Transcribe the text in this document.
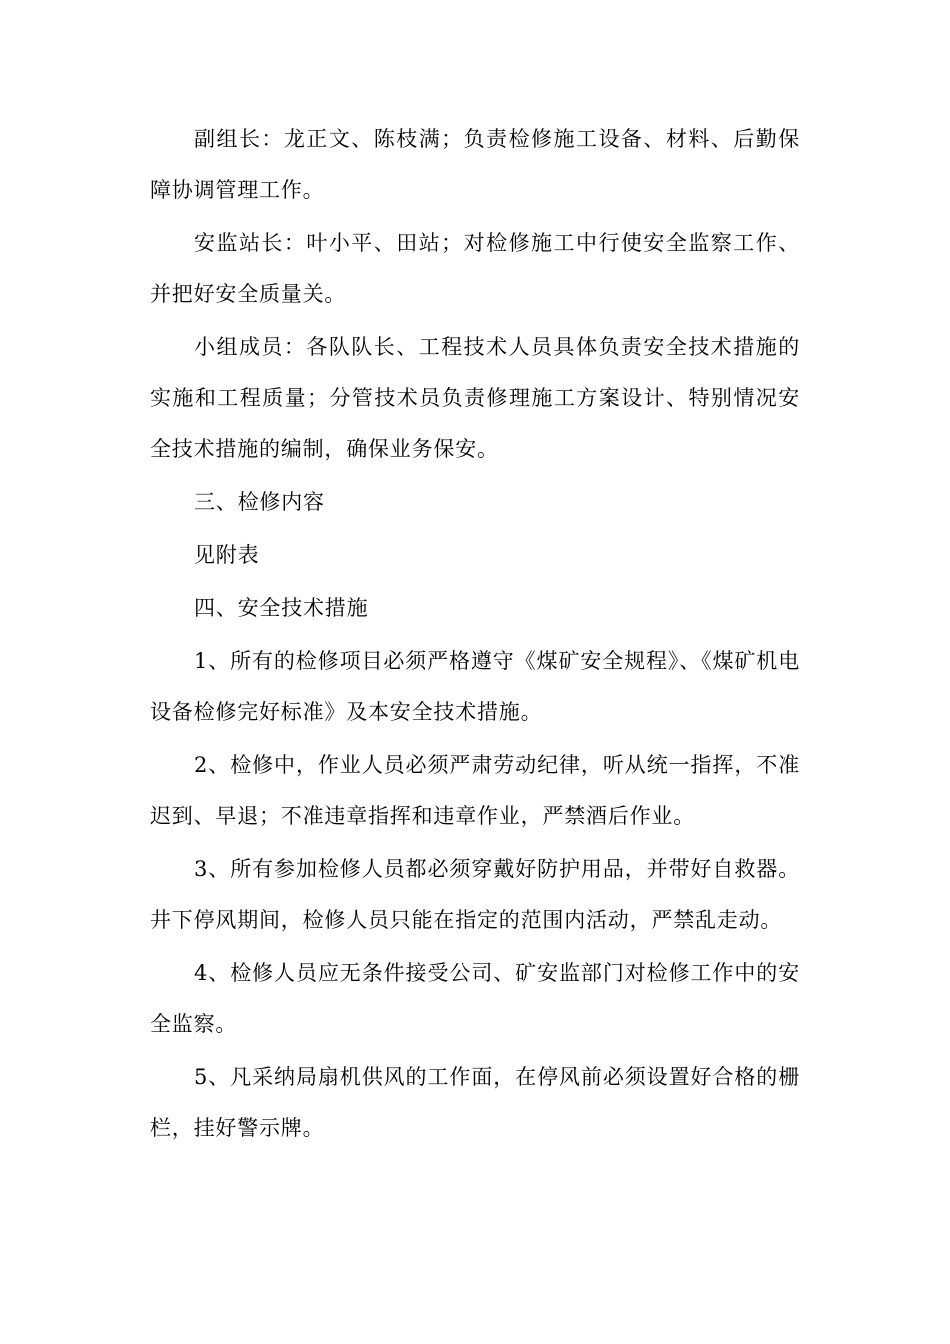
副组长：龙正文、陈枝满；负责检修施工设备、材料、后勤保障协调管理工作。

安监站长：叶小平、田站；对检修施工中行使安全监察工作、并把好安全质量关。

小组成员：各队队长、工程技术人员具体负责安全技术措施的实施和工程质量；分管技术员负责修理施工方案设计、特别情况安全技术措施的编制，确保业务保安。

三、检修内容

见附表

四、安全技术措施

1、所有的检修项目必须严格遵守《煤矿安全规程》、《煤矿机电设备检修完好标准》及本安全技术措施。

2、检修中，作业人员必须严肃劳动纪律，听从统一指挥，不准迟到、早退；不准违章指挥和违章作业，严禁酒后作业。

3、所有参加检修人员都必须穿戴好防护用品，并带好自救器。井下停风期间，检修人员只能在指定的范围内活动，严禁乱走动。

4、检修人员应无条件接受公司、矿安监部门对检修工作中的安全监察。

5、凡采纳局扇机供风的工作面，在停风前必须设置好合格的栅栏，挂好警示牌。
